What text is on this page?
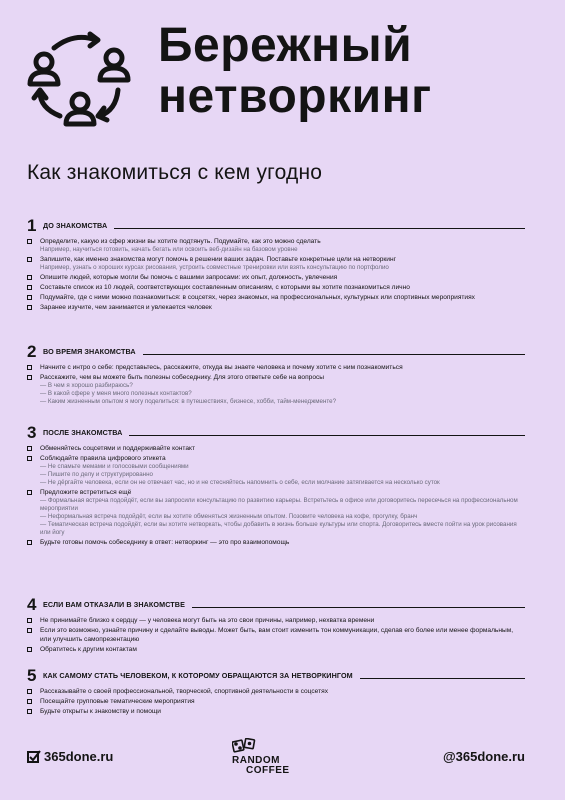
Бережный
нетворкинг
Как знакомиться с кем угодно
1 ДО ЗНАКОМСТВА
Определите, какую из сфер жизни вы хотите подтянуть. Подумайте, как это можно сделать
Например, научиться готовить, начать бегать или освоить веб-дизайн на базовом уровне
Запишите, как именно знакомства могут помочь в решении ваших задач. Поставьте конкретные цели на нетворкинг
Например, узнать о хороших курсах рисования, устроить совместные тренировки или взять консультацию по портфолио
Опишите людей, которые могли бы помочь с вашими запросами: их опыт, должность, увлечения
Составьте список из 10 людей, соответствующих составленным описаниям, с которыми вы хотите познакомиться лично
Подумайте, где с ними можно познакомиться: в соцсетях, через знакомых, на профессиональных, культурных или спортивных мероприятиях
Заранее изучите, чем занимается и увлекается человек
2 ВО ВРЕМЯ ЗНАКОМСТВА
Начните с интро о себе: представьтесь, расскажите, откуда вы знаете человека и почему хотите с ним познакомиться
Расскажите, чем вы можете быть полезны собеседнику. Для этого ответьте себе на вопросы
— В чем я хорошо разбираюсь?
— В какой сфере у меня много полезных контактов?
— Каким жизненным опытом я могу поделиться: в путешествиях, бизнесе, хобби, тайм-менеджменте?
3 ПОСЛЕ ЗНАКОМСТВА
Обменяйтесь соцсетями и поддерживайте контакт
Соблюдайте правила цифрового этикета
— Не спамьте мемами и голосовыми сообщениями
— Пишите по делу и структурированно
— Не дёргайте человека, если он не отвечает час, но и не стесняйтесь напомнить о себе, если молчание затягивается на несколько суток
Предложите встретиться ещё
— Формальная встреча подойдёт, если вы запросили консультацию по развитию карьеры. Встретьтесь в офисе или договоритесь пересечься на профессиональном мероприятии
— Неформальная встреча подойдёт, если вы хотите обменяться жизненным опытом. Позовите человека на кофе, прогулку, бранч
— Тематическая встреча подойдёт, если вы хотите нетворкать, чтобы добавить в жизнь больше культуры или спорта. Договоритесь вместе пойти на урок рисования или йогу
Будьте готовы помочь собеседнику в ответ: нетворкинг — это про взаимопомощь
4 ЕСЛИ ВАМ ОТКАЗАЛИ В ЗНАКОМСТВЕ
Не принимайте близко к сердцу — у человека могут быть на это свои причины, например, нехватка времени
Если это возможно, узнайте причину и сделайте выводы. Может быть, вам стоит изменить тон коммуникации, сделав его более или менее формальным, или улучшить самопрезентацию
Обратитесь к другим контактам
5 КАК САМОМУ СТАТЬ ЧЕЛОВЕКОМ, К КОТОРОМУ ОБРАЩАЮТСЯ ЗА НЕТВОРКИНГОМ
Рассказывайте о своей профессиональной, творческой, спортивной деятельности в соцсетях
Посещайте групповые тематические мероприятия
Будьте открыты к знакомству и помощи
365done.ru	RANDOM
COFFEE
@365done.ru
